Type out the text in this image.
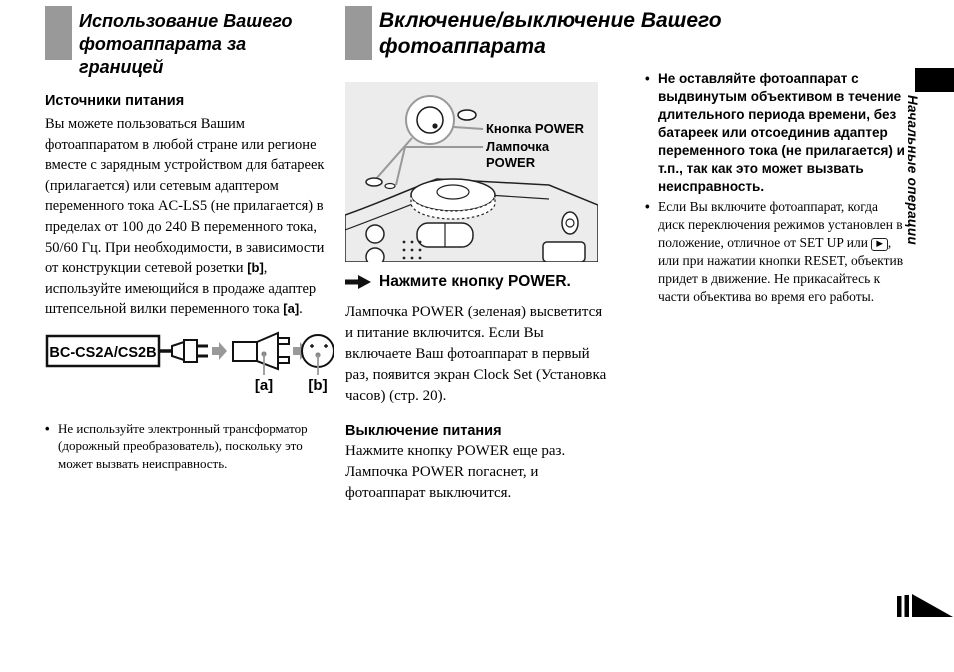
Использование Вашего фотоаппарата за границей
Источники питания

Вы можете пользоваться Вашим фотоаппаратом в любой стране или регионе вместе с зарядным устройством для батареек (прилагается) или сетевым адаптером переменного тока AC-LS5 (не прилагается) в пределах от 100 до 240 В переменного тока, 50/60 Гц. При необходимости, в зависимости от конструкции сетевой розетки [b], используйте имеющийся в продаже адаптер штепсельной вилки переменного тока [a].

BC-CS2A/CS2B
[a] [b]
• Не используйте электронный трансформатор (дорожный преобразователь), поскольку это может вызвать неисправность.
Включение/выключение Вашего фотоаппарата
Кнопка POWER
Лампочка POWER
Нажмите кнопку POWER.

Лампочка POWER (зеленая) высветится и питание включится. Если Вы включаете Ваш фотоаппарат в первый раз, появится экран Clock Set (Установка часов) (стр. 20).

Выключение питания

Нажмите кнопку POWER еще раз. Лампочка POWER погаснет, и фотоаппарат выключится.

• Не оставляйте фотоаппарат с выдвинутым объективом в течение длительного периода времени, без батареек или отсоединив адаптер переменного тока (не прилагается) и т.п., так как это может вызвать неисправность.
• Если Вы включите фотоаппарат, когда диск переключения режимов установлен в положение, отличное от SET UP или ▶ , или при нажатии кнопки RESET, объектив придет в движение. Не прикасайтесь к части объектива во время его работы.
Начальные операции
